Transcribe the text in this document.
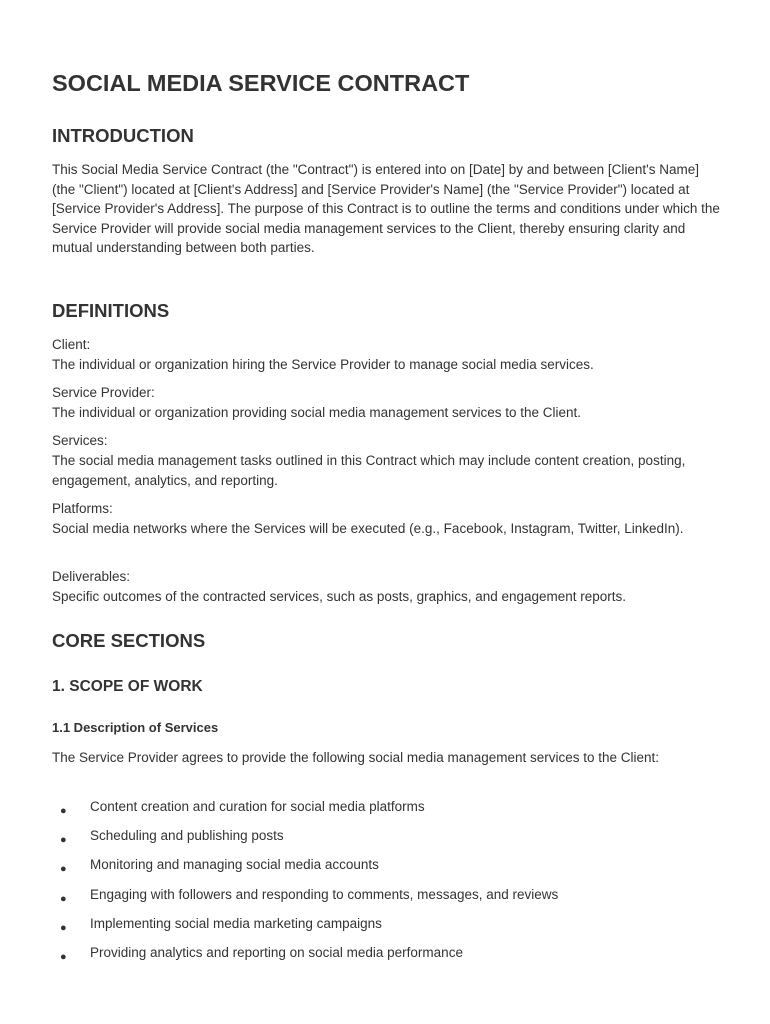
SOCIAL MEDIA SERVICE CONTRACT
INTRODUCTION

This Social Media Service Contract (the "Contract") is entered into on [Date] by and between [Client's Name] (the "Client") located at [Client's Address] and [Service Provider's Name] (the "Service Provider") located at [Service Provider's Address]. The purpose of this Contract is to outline the terms and conditions under which the Service Provider will provide social media management services to the Client, thereby ensuring clarity and mutual understanding between both parties.

DEFINITIONS
Client:
The individual or organization hiring the Service Provider to manage social media services.
Service Provider:
The individual or organization providing social media management services to the Client.
Services:
The social media management tasks outlined in this Contract which may include content creation, posting, engagement, analytics, and reporting.
Platforms:
Social media networks where the Services will be executed (e.g., Facebook, Instagram, Twitter, LinkedIn).
Deliverables:
Specific outcomes of the contracted services, such as posts, graphics, and engagement reports.
CORE SECTIONS
1. SCOPE OF WORK
1.1 Description of Services

The Service Provider agrees to provide the following social media management services to the Client:

● Content creation and curation for social media platforms
● Scheduling and publishing posts
● Monitoring and managing social media accounts
● Engaging with followers and responding to comments, messages, and reviews
● Implementing social media marketing campaigns
● Providing analytics and reporting on social media performance
